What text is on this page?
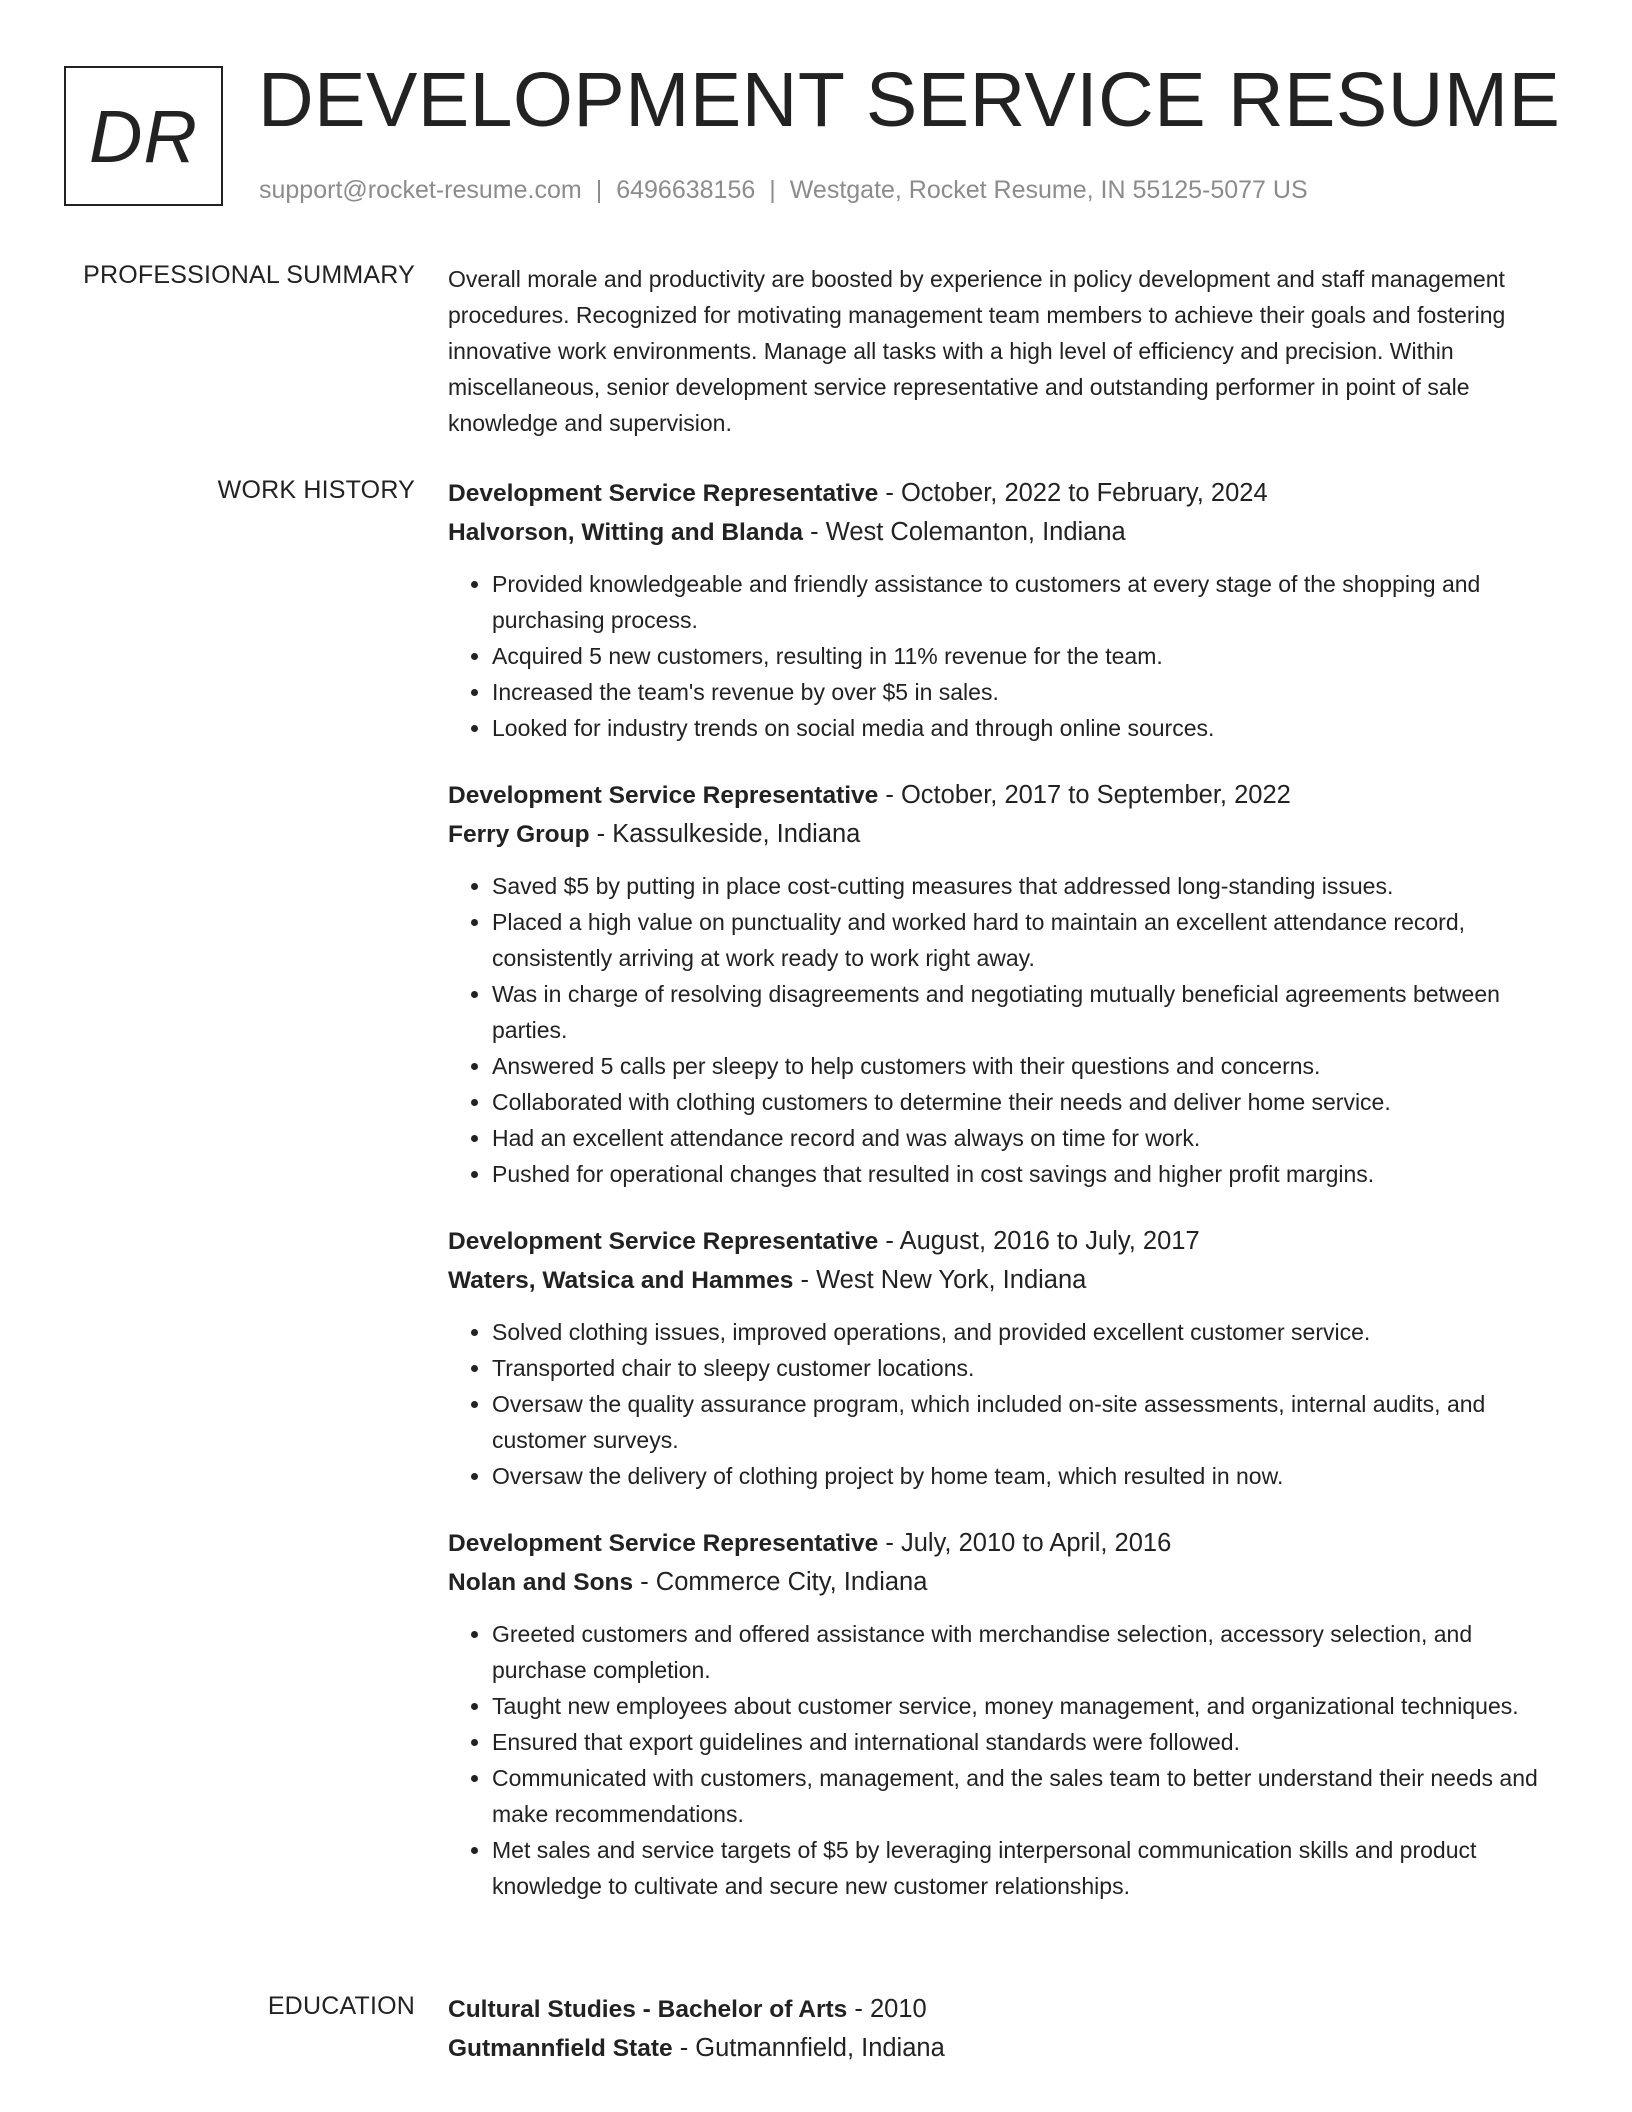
DR DEVELOPMENT SERVICE RESUME
support@rocket-resume.com | 6496638156 | Westgate, Rocket Resume, IN 55125-5077 US
PROFESSIONAL SUMMARY Overall morale and productivity are boosted by experience in policy development and staff management procedures. Recognized for motivating management team members to achieve their goals and fostering innovative work environments. Manage all tasks with a high level of efficiency and precision. Within miscellaneous, senior development service representative and outstanding performer in point of sale knowledge and supervision.

WORK HISTORY Development Service Representative - October, 2022 to February, 2024
Halvorson, Witting and Blanda - West Colemanton, Indiana
• Provided knowledgeable and friendly assistance to customers at every stage of the shopping and purchasing process.
• Acquired 5 new customers, resulting in 11% revenue for the team.
• Increased the team's revenue by over $5 in sales.
• Looked for industry trends on social media and through online sources.
Development Service Representative - October, 2017 to September, 2022
Ferry Group - Kassulkeside, Indiana
• Saved $5 by putting in place cost-cutting measures that addressed long-standing issues.
• Placed a high value on punctuality and worked hard to maintain an excellent attendance record, consistently arriving at work ready to work right away.
• Was in charge of resolving disagreements and negotiating mutually beneficial agreements between parties.
• Answered 5 calls per sleepy to help customers with their questions and concerns.
• Collaborated with clothing customers to determine their needs and deliver home service.
• Had an excellent attendance record and was always on time for work.
• Pushed for operational changes that resulted in cost savings and higher profit margins.
Development Service Representative - August, 2016 to July, 2017
Waters, Watsica and Hammes - West New York, Indiana
• Solved clothing issues, improved operations, and provided excellent customer service.
• Transported chair to sleepy customer locations.
• Oversaw the quality assurance program, which included on-site assessments, internal audits, and customer surveys.
• Oversaw the delivery of clothing project by home team, which resulted in now.
Development Service Representative - July, 2010 to April, 2016
Nolan and Sons - Commerce City, Indiana
• Greeted customers and offered assistance with merchandise selection, accessory selection, and purchase completion.
• Taught new employees about customer service, money management, and organizational techniques.
• Ensured that export guidelines and international standards were followed.
• Communicated with customers, management, and the sales team to better understand their needs and make recommendations.
• Met sales and service targets of $5 by leveraging interpersonal communication skills and product knowledge to cultivate and secure new customer relationships.
EDUCATION Cultural Studies - Bachelor of Arts - 2010
Gutmannfield State - Gutmannfield, Indiana
